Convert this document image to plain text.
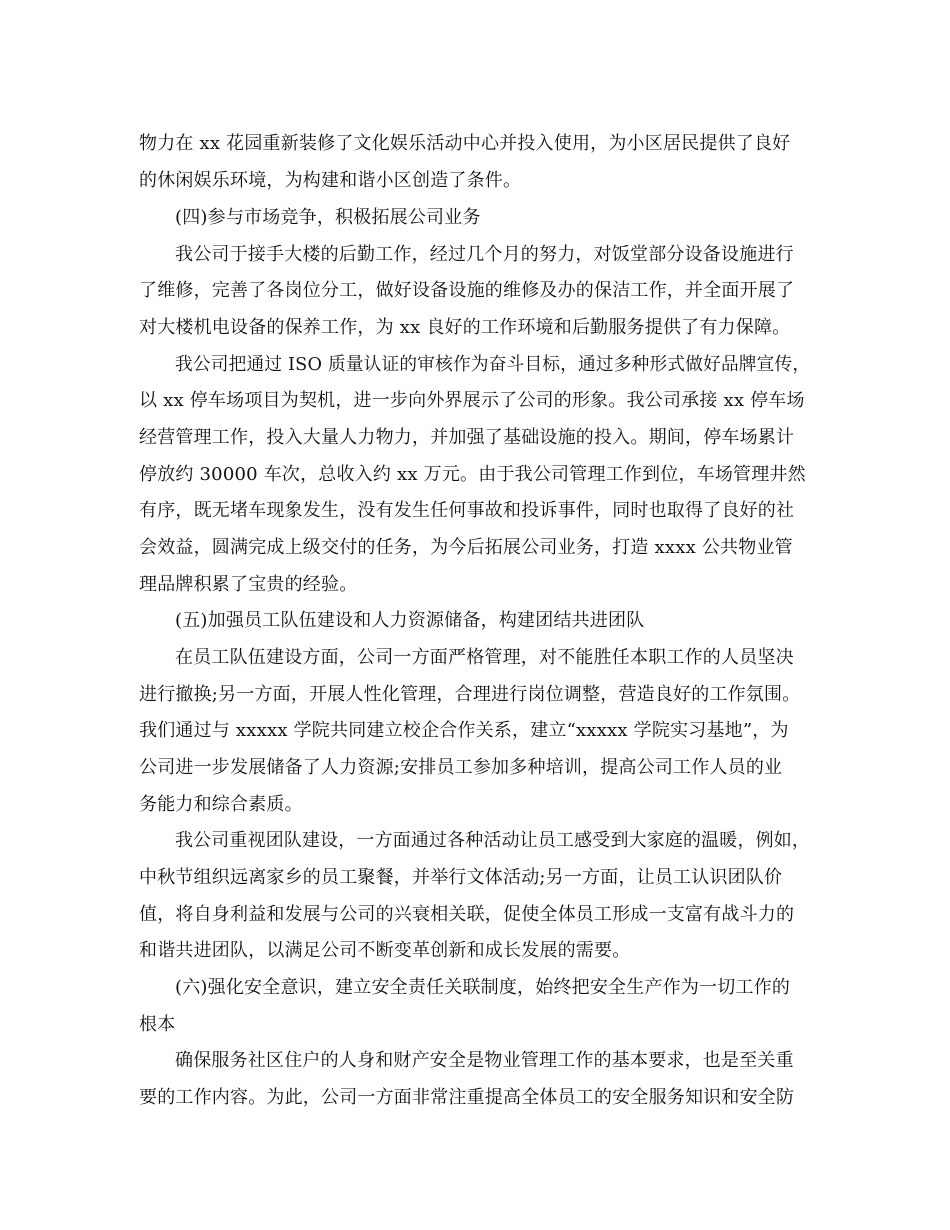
物力在 xx 花园重新装修了文化娱乐活动中心并投入使用，为小区居民提供了良好
的休闲娱乐环境，为构建和谐小区创造了条件。
(四)参与市场竞争，积极拓展公司业务
我公司于接手大楼的后勤工作，经过几个月的努力，对饭堂部分设备设施进行
了维修，完善了各岗位分工，做好设备设施的维修及办的保洁工作，并全面开展了
对大楼机电设备的保养工作，为 xx 良好的工作环境和后勤服务提供了有力保障。
我公司把通过 ISO 质量认证的审核作为奋斗目标，通过多种形式做好品牌宣传，
以 xx 停车场项目为契机，进一步向外界展示了公司的形象。我公司承接 xx 停车场
经营管理工作，投入大量人力物力，并加强了基础设施的投入。期间，停车场累计
停放约 30000 车次，总收入约 xx 万元。由于我公司管理工作到位，车场管理井然
有序，既无堵车现象发生，没有发生任何事故和投诉事件，同时也取得了良好的社
会效益，圆满完成上级交付的任务，为今后拓展公司业务，打造 xxxx 公共物业管
理品牌积累了宝贵的经验。
(五)加强员工队伍建设和人力资源储备，构建团结共进团队
在员工队伍建设方面，公司一方面严格管理，对不能胜任本职工作的人员坚决
进行撤换;另一方面，开展人性化管理，合理进行岗位调整，营造良好的工作氛围。
我们通过与 xxxxx 学院共同建立校企合作关系，建立“xxxxx 学院实习基地”，为
公司进一步发展储备了人力资源;安排员工参加多种培训，提高公司工作人员的业
务能力和综合素质。
我公司重视团队建设，一方面通过各种活动让员工感受到大家庭的温暖，例如，
中秋节组织远离家乡的员工聚餐，并举行文体活动;另一方面，让员工认识团队价
值，将自身利益和发展与公司的兴衰相关联，促使全体员工形成一支富有战斗力的
和谐共进团队，以满足公司不断变革创新和成长发展的需要。
(六)强化安全意识，建立安全责任关联制度，始终把安全生产作为一切工作的
根本
确保服务社区住户的人身和财产安全是物业管理工作的基本要求，也是至关重
要的工作内容。为此，公司一方面非常注重提高全体员工的安全服务知识和安全防
